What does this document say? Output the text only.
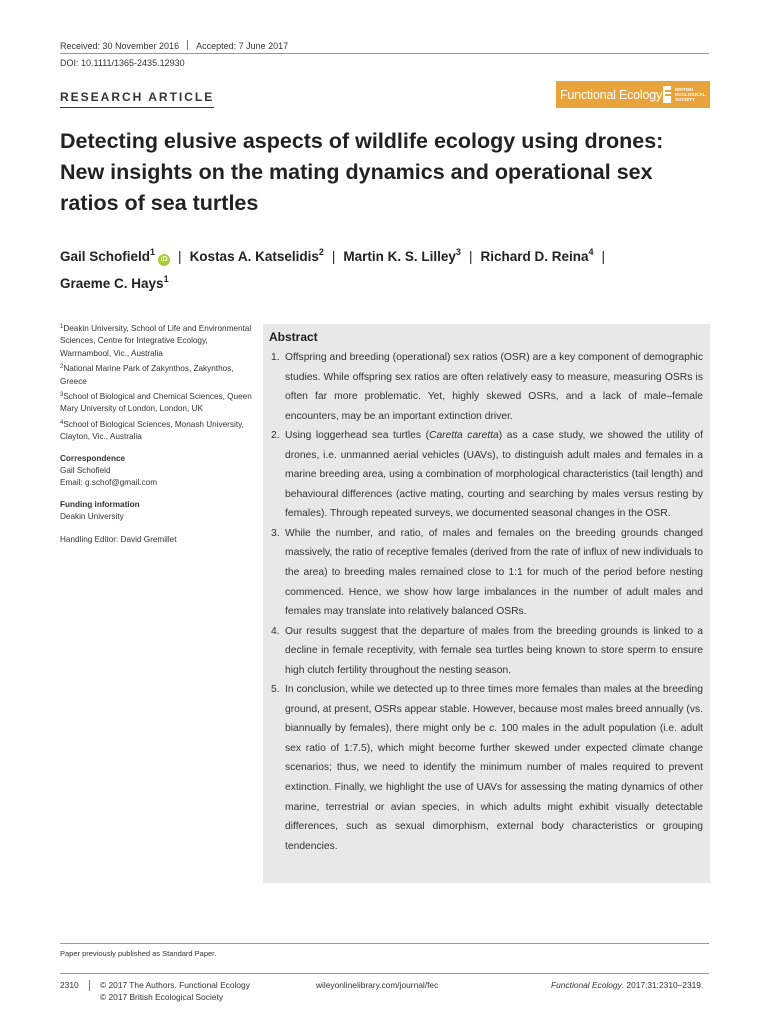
Received: 30 November 2016 Accepted: 7 June 2017
DOI: 10.1111/1365-2435.12930
RESEARCH ARTICLE	Functional Ecology	BRITISH
ECOLOGICAL
SOCIETY
Detecting elusive aspects of wildlife ecology using drones: New insights on the mating dynamics and operational sex ratios of sea turtles
Gail Schofield$^1$iD | Kostas A. Katselidis$^2$ | Martin K. S. Lilley$^3$ | Richard D. Reina$^4$ |
Graeme C. Hays$^1$

$^1$Deakin University, School of Life and Environmental Sciences, Centre for Integrative Ecology, Warrnambool, Vic., Australia

$^2$National Marine Park of Zakynthos, Zakynthos, Greece

$^3$School of Biological and Chemical Sciences, Queen Mary University of London, London, UK

$^4$School of Biological Sciences, Monash University, Clayton, Vic., Australia

Correspondence

Gail Schofield

Email: g.schof@gmail.com

Funding information

Deakin University

Handling Editor: David Gremillet

Abstract
1. Offspring and breeding (operational) sex ratios (OSR) are a key component of demographic studies. While offspring sex ratios are often relatively easy to measure, measuring OSRs is often far more problematic. Yet, highly skewed OSRs, and a lack of male–female encounters, may be an important extinction driver.
2. Using loggerhead sea turtles (Caretta caretta) as a case study, we showed the utility of drones, i.e. unmanned aerial vehicles (UAVs), to distinguish adult males and females in a marine breeding area, using a combination of morphological characteristics (tail length) and behavioural differences (active mating, courting and searching by males versus resting by females). Through repeated surveys, we documented seasonal changes in the OSR.
3. While the number, and ratio, of males and females on the breeding grounds changed massively, the ratio of receptive females (derived from the rate of influx of new individuals to the area) to breeding males remained close to 1:1 for much of the period before nesting commenced. Hence, we show how large imbalances in the number of adult males and females may translate into relatively balanced OSRs.
4. Our results suggest that the departure of males from the breeding grounds is linked to a decline in female receptivity, with female sea turtles being known to store sperm to ensure high clutch fertility throughout the nesting season.
5. In conclusion, while we detected up to three times more females than males at the breeding ground, at present, OSRs appear stable. However, because most males breed annually (vs. biannually by females), there might only be c. 100 males in the adult population (i.e. adult sex ratio of 1:7.5), which might become further skewed under expected climate change scenarios; thus, we need to identify the minimum number of males required to prevent extinction. Finally, we highlight the use of UAVs for assessing the mating dynamics of other marine, terrestrial or avian species, in which adults might exhibit visually detectable differences, such as sexual dimorphism, external body characteristics or grouping tendencies.
Paper previously published as Standard Paper.
2310	© 2017 The Authors. Functional Ecology
© 2017 British Ecological Society
wileyonlinelibrary.com/journal/fec	Functional Ecology. 2017;31:2310–2319.
